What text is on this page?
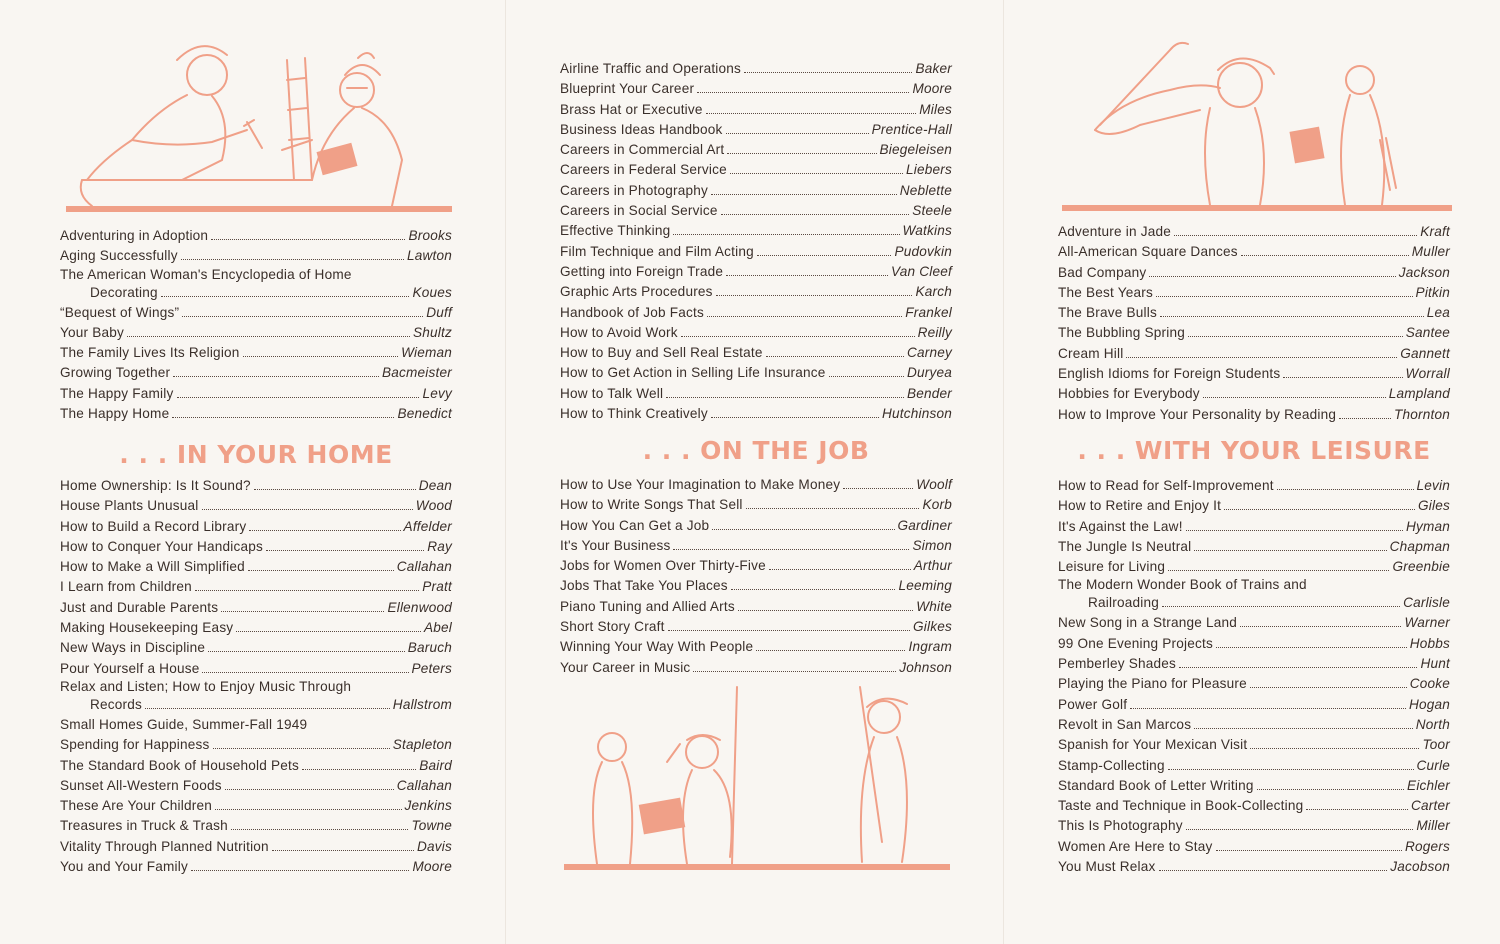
Adventuring in Adoption	Brooks
Aging Successfully	Lawton
The American Woman's Encyclopedia of Home
Decorating	Koues
“Bequest of Wings”	Duff
Your Baby	Shultz
The Family Lives Its Religion	Wieman
Growing Together	Bacmeister
The Happy Family	Levy
The Happy Home	Benedict
. . . IN YOUR HOME
Home Ownership: Is It Sound?	Dean
House Plants Unusual	Wood
How to Build a Record Library	Affelder
How to Conquer Your Handicaps	Ray
How to Make a Will Simplified	Callahan
I Learn from Children	Pratt
Just and Durable Parents	Ellenwood
Making Housekeeping Easy	Abel
New Ways in Discipline	Baruch
Pour Yourself a House	Peters
Relax and Listen; How to Enjoy Music Through
Records	Hallstrom
Small Homes Guide, Summer-Fall 1949
Spending for Happiness	Stapleton
The Standard Book of Household Pets	Baird
Sunset All-Western Foods	Callahan
These Are Your Children	Jenkins
Treasures in Truck & Trash	Towne
Vitality Through Planned Nutrition	Davis
You and Your Family	Moore
Airline Traffic and Operations	Baker
Blueprint Your Career	Moore
Brass Hat or Executive	Miles
Business Ideas Handbook	Prentice-Hall
Careers in Commercial Art	Biegeleisen
Careers in Federal Service	Liebers
Careers in Photography	Neblette
Careers in Social Service	Steele
Effective Thinking	Watkins
Film Technique and Film Acting	Pudovkin
Getting into Foreign Trade	Van Cleef
Graphic Arts Procedures	Karch
Handbook of Job Facts	Frankel
How to Avoid Work	Reilly
How to Buy and Sell Real Estate	Carney
How to Get Action in Selling Life Insurance	Duryea
How to Talk Well	Bender
How to Think Creatively	Hutchinson
. . . ON THE JOB
How to Use Your Imagination to Make Money	Woolf
How to Write Songs That Sell	Korb
How You Can Get a Job	Gardiner
It's Your Business	Simon
Jobs for Women Over Thirty-Five	Arthur
Jobs That Take You Places	Leeming
Piano Tuning and Allied Arts	White
Short Story Craft	Gilkes
Winning Your Way With People	Ingram
Your Career in Music	Johnson
Adventure in Jade	Kraft
All-American Square Dances	Muller
Bad Company	Jackson
The Best Years	Pitkin
The Brave Bulls	Lea
The Bubbling Spring	Santee
Cream Hill	Gannett
English Idioms for Foreign Students	Worrall
Hobbies for Everybody	Lampland
How to Improve Your Personality by Reading	Thornton
. . . WITH YOUR LEISURE
How to Read for Self-Improvement	Levin
How to Retire and Enjoy It	Giles
It's Against the Law!	Hyman
The Jungle Is Neutral	Chapman
Leisure for Living	Greenbie
The Modern Wonder Book of Trains and
Railroading	Carlisle
New Song in a Strange Land	Warner
99 One Evening Projects	Hobbs
Pemberley Shades	Hunt
Playing the Piano for Pleasure	Cooke
Power Golf	Hogan
Revolt in San Marcos	North
Spanish for Your Mexican Visit	Toor
Stamp-Collecting	Curle
Standard Book of Letter Writing	Eichler
Taste and Technique in Book-Collecting	Carter
This Is Photography	Miller
Women Are Here to Stay	Rogers
You Must Relax	Jacobson
